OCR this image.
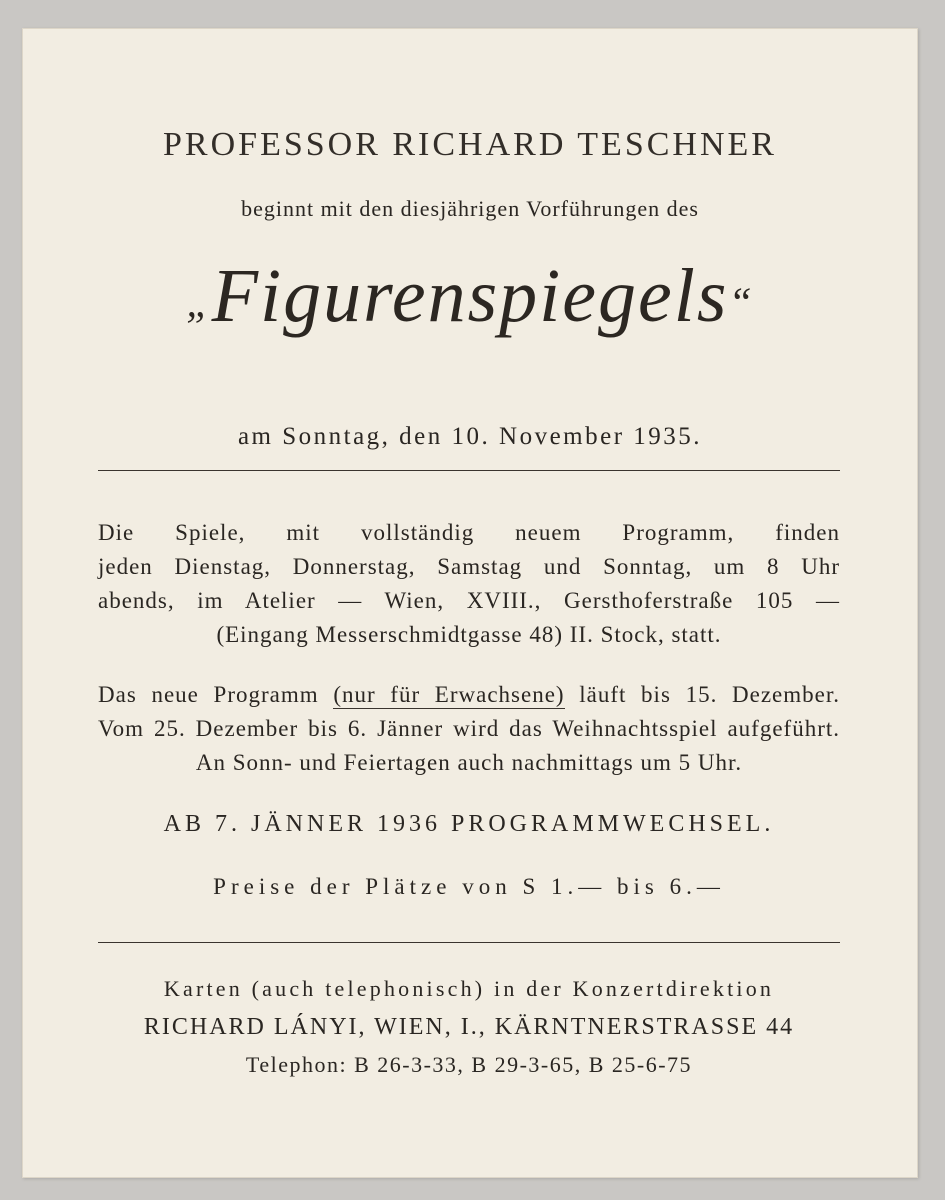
PROFESSOR RICHARD TESCHNER
beginnt mit den diesjährigen Vorführungen des
„Figurenspiegels“
am Sonntag, den 10. November 1935.
Die Spiele, mit vollständig neuem Programm, finden
jeden Dienstag, Donnerstag, Samstag und Sonntag, um 8 Uhr
abends, im Atelier — Wien, XVIII., Gersthoferstraße 105 —
(Eingang Messerschmidtgasse 48) II. Stock, statt.
Das neue Programm (nur für Erwachsene) läuft bis 15. Dezember.
Vom 25. Dezember bis 6. Jänner wird das Weihnachtsspiel aufgeführt.
An Sonn- und Feiertagen auch nachmittags um 5 Uhr.
AB 7. JÄNNER 1936 PROGRAMMWECHSEL.
Preise der Plätze von S 1.— bis 6.—
Karten (auch telephonisch) in der Konzertdirektion
RICHARD LÁNYI, WIEN, I., KÄRNTNERSTRASSE 44
Telephon: B 26-3-33, B 29-3-65, B 25-6-75
